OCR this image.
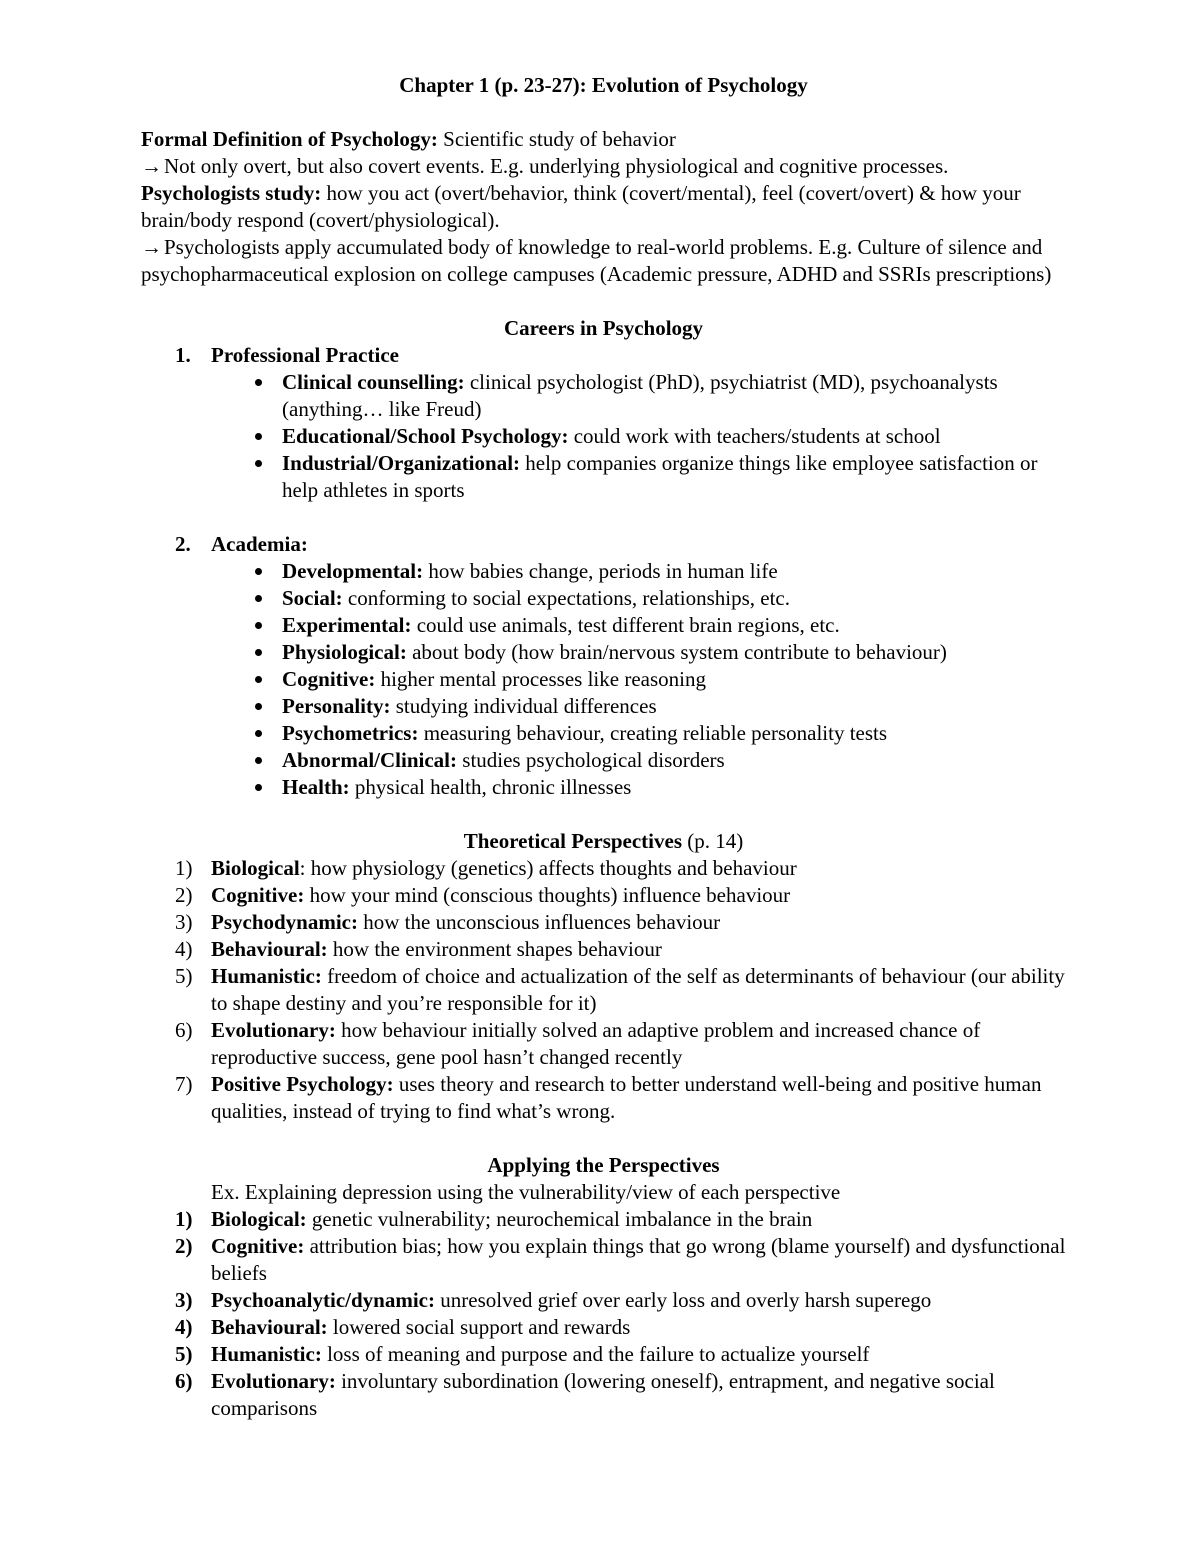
Chapter 1 (p. 23-27): Evolution of Psychology

Formal Definition of Psychology: Scientific study of behavior

→Not only overt, but also covert events. E.g. underlying physiological and cognitive processes.

Psychologists study: how you act (overt/behavior, think (covert/mental), feel (covert/overt) & how your brain/body respond (covert/physiological).

→Psychologists apply accumulated body of knowledge to real-world problems. E.g. Culture of silence and psychopharmaceutical explosion on college campuses (Academic pressure, ADHD and SSRIs prescriptions)

Careers in Psychology

1. Professional Practice

Clinical counselling: clinical psychologist (PhD), psychiatrist (MD), psychoanalysts (anything… like Freud)
Educational/School Psychology: could work with teachers/students at school
Industrial/Organizational: help companies organize things like employee satisfaction or help athletes in sports

2. Academia:

Developmental: how babies change, periods in human life
Social: conforming to social expectations, relationships, etc.
Experimental: could use animals, test different brain regions, etc.
Physiological: about body (how brain/nervous system contribute to behaviour)
Cognitive: higher mental processes like reasoning
Personality: studying individual differences
Psychometrics: measuring behaviour, creating reliable personality tests
Abnormal/Clinical: studies psychological disorders
Health: physical health, chronic illnesses

Theoretical Perspectives (p. 14)

1) Biological: how physiology (genetics) affects thoughts and behaviour
2) Cognitive: how your mind (conscious thoughts) influence behaviour
3) Psychodynamic: how the unconscious influences behaviour
4) Behavioural: how the environment shapes behaviour
5) Humanistic: freedom of choice and actualization of the self as determinants of behaviour (our ability to shape destiny and you’re responsible for it)
6) Evolutionary: how behaviour initially solved an adaptive problem and increased chance of reproductive success, gene pool hasn’t changed recently
7) Positive Psychology: uses theory and research to better understand well-being and positive human qualities, instead of trying to find what’s wrong.

Applying the Perspectives

Ex. Explaining depression using the vulnerability/view of each perspective

1) Biological: genetic vulnerability; neurochemical imbalance in the brain
2) Cognitive: attribution bias; how you explain things that go wrong (blame yourself) and dysfunctional beliefs
3) Psychoanalytic/dynamic: unresolved grief over early loss and overly harsh superego
4) Behavioural: lowered social support and rewards
5) Humanistic: loss of meaning and purpose and the failure to actualize yourself
6) Evolutionary: involuntary subordination (lowering oneself), entrapment, and negative social comparisons
